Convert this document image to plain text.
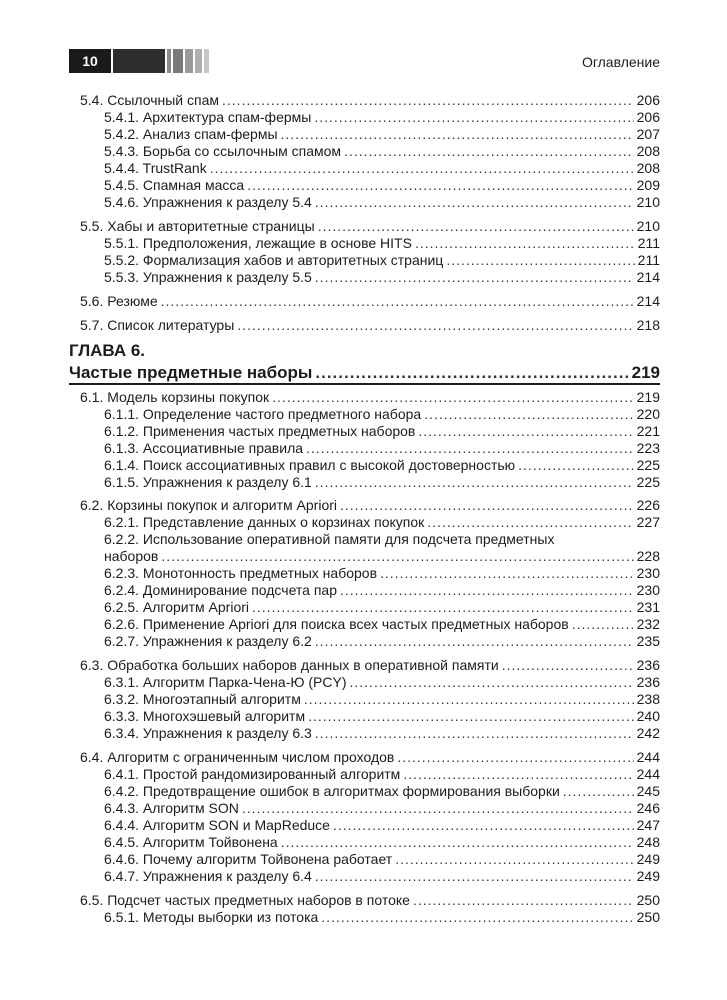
10	Оглавление
5.4. Ссылочный спам .....	206
5.4.1. Архитектура спам-фермы .....	206
5.4.2. Анализ спам-фермы .....	207
5.4.3. Борьба со ссылочным спамом .....	208
5.4.4. TrustRank .....	208
5.4.5. Спамная масса .....	209
5.4.6. Упражнения к разделу 5.4 .....	210
5.5. Хабы и авторитетные страницы .....	210
5.5.1. Предположения, лежащие в основе HITS .....	211
5.5.2. Формализация хабов и авторитетных страниц .....	211
5.5.3. Упражнения к разделу 5.5 .....	214
5.6. Резюме .....	214
5.7. Список литературы .....	218
ГЛАВА 6.
Частые предметные наборы .....	219
6.1. Модель корзины покупок .....	219
6.1.1. Определение частого предметного набора .....	220
6.1.2. Применения частых предметных наборов .....	221
6.1.3. Ассоциативные правила .....	223
6.1.4. Поиск ассоциативных правил с высокой достоверностью .....	225
6.1.5. Упражнения к разделу 6.1 .....	225
6.2. Корзины покупок и алгоритм Apriori .....	226
6.2.1. Представление данных о корзинах покупок .....	227
6.2.2. Использование оперативной памяти для подсчета предметных
наборов .....	228
6.2.3. Монотонность предметных наборов .....	230
6.2.4. Доминирование подсчета пар .....	230
6.2.5. Алгоритм Apriori .....	231
6.2.6. Применение Apriori для поиска всех частых предметных наборов .....	232
6.2.7. Упражнения к разделу 6.2 .....	235
6.3. Обработка больших наборов данных в оперативной памяти .....	236
6.3.1. Алгоритм Парка-Чена-Ю (PCY) .....	236
6.3.2. Многоэтапный алгоритм .....	238
6.3.3. Многохэшевый алгоритм .....	240
6.3.4. Упражнения к разделу 6.3 .....	242
6.4. Алгоритм с ограниченным числом проходов .....	244
6.4.1. Простой рандомизированный алгоритм .....	244
6.4.2. Предотвращение ошибок в алгоритмах формирования выборки .....	245
6.4.3. Алгоритм SON .....	246
6.4.4. Алгоритм SON и MapReduce .....	247
6.4.5. Алгоритм Тойвонена .....	248
6.4.6. Почему алгоритм Тойвонена работает .....	249
6.4.7. Упражнения к разделу 6.4 .....	249
6.5. Подсчет частых предметных наборов в потоке .....	250
6.5.1. Методы выборки из потока .....	250
